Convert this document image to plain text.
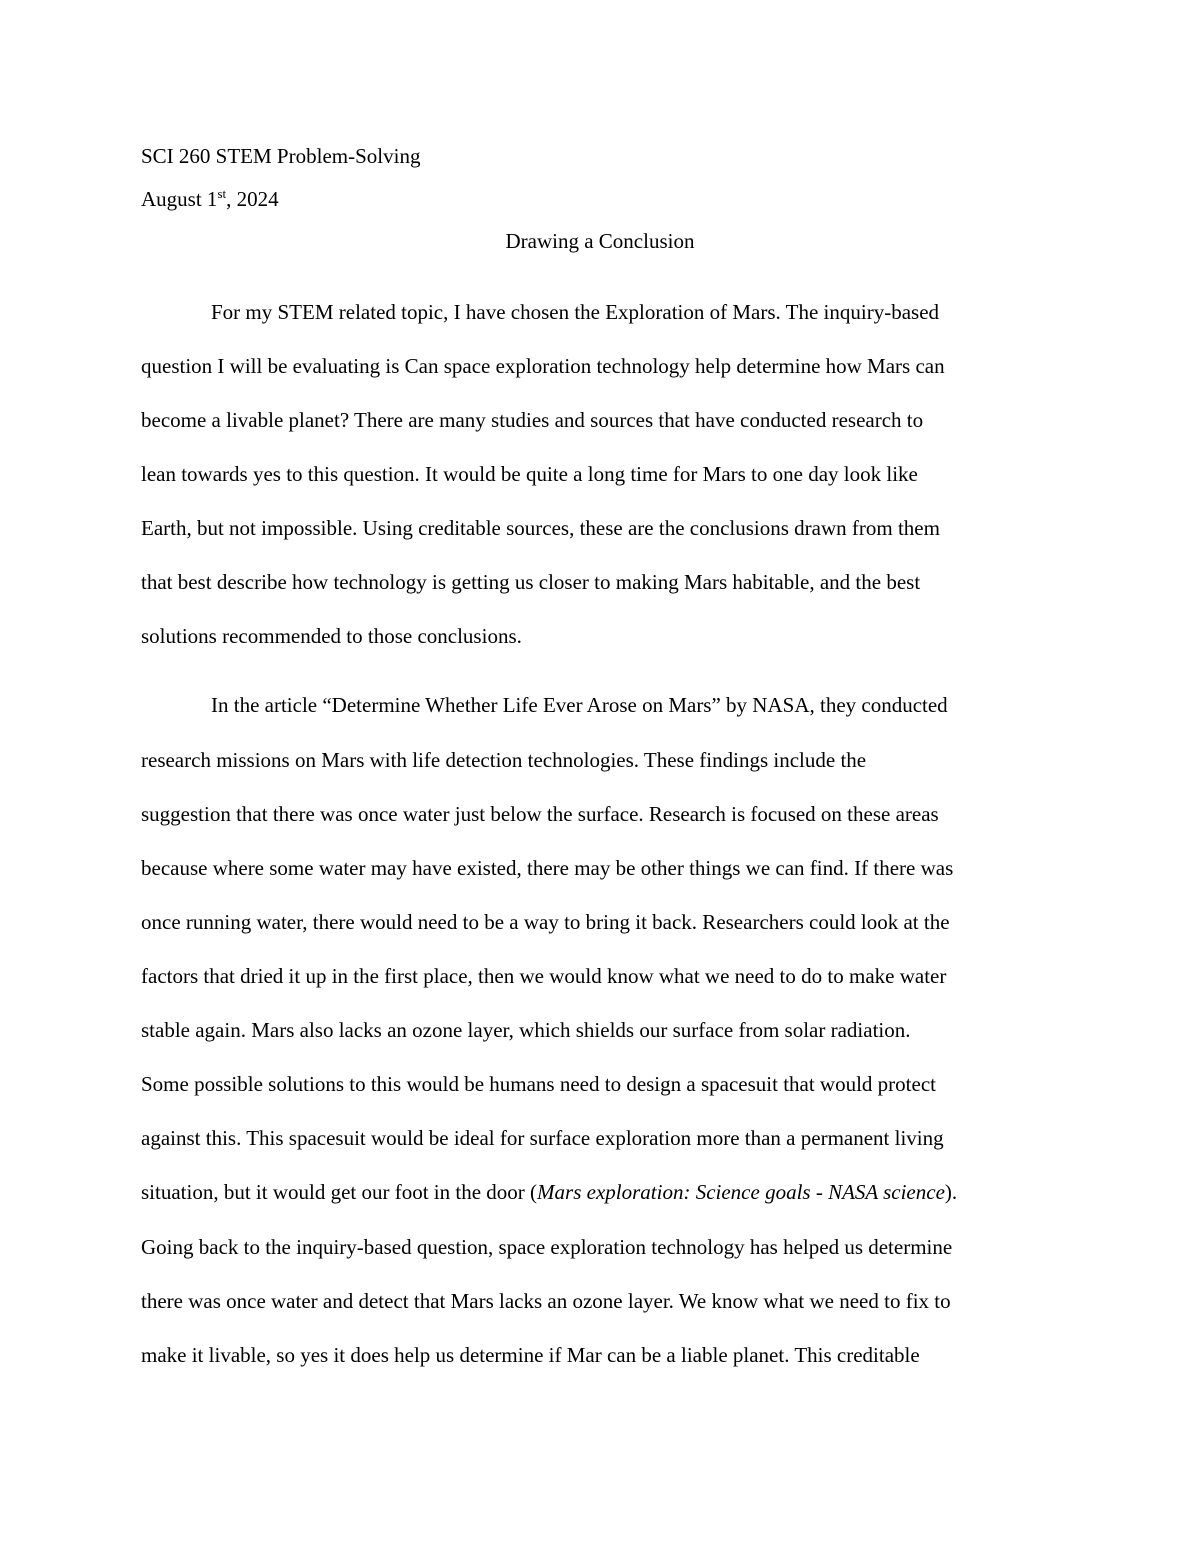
SCI 260 STEM Problem-Solving
August 1st, 2024
Drawing a Conclusion
For my STEM related topic, I have chosen the Exploration of Mars. The inquiry-based
question I will be evaluating is Can space exploration technology help determine how Mars can
become a livable planet? There are many studies and sources that have conducted research to
lean towards yes to this question. It would be quite a long time for Mars to one day look like
Earth, but not impossible. Using creditable sources, these are the conclusions drawn from them
that best describe how technology is getting us closer to making Mars habitable, and the best
solutions recommended to those conclusions.
In the article “Determine Whether Life Ever Arose on Mars” by NASA, they conducted
research missions on Mars with life detection technologies. These findings include the
suggestion that there was once water just below the surface. Research is focused on these areas
because where some water may have existed, there may be other things we can find. If there was
once running water, there would need to be a way to bring it back. Researchers could look at the
factors that dried it up in the first place, then we would know what we need to do to make water
stable again. Mars also lacks an ozone layer, which shields our surface from solar radiation.
Some possible solutions to this would be humans need to design a spacesuit that would protect
against this. This spacesuit would be ideal for surface exploration more than a permanent living
situation, but it would get our foot in the door (Mars exploration: Science goals - NASA science).
Going back to the inquiry-based question, space exploration technology has helped us determine
there was once water and detect that Mars lacks an ozone layer. We know what we need to fix to
make it livable, so yes it does help us determine if Mar can be a liable planet. This creditable
